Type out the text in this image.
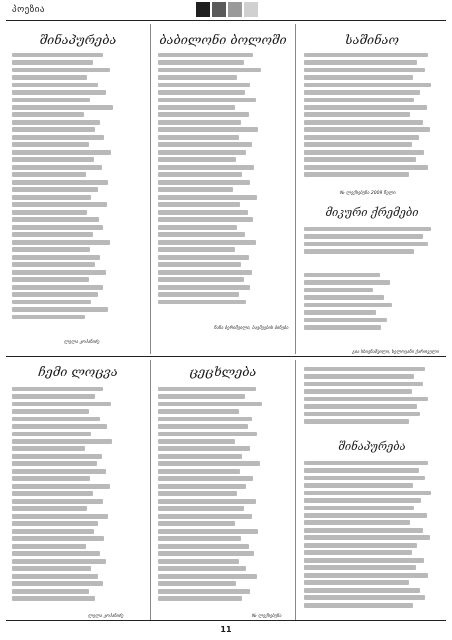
პოეზია
შინაპურება	ბაბილონი ბოლოში	საშინაო
ლელა კოპანიძე
ნანა ბერიშვილი, ბავშვების ბინება
№ ლექსებუნა 2009 წელი
მიკური ქრემები
გია სხივნაშვილი, ხელოვანი ქართველი
ჩემი ლოცვა	ცეცხლება
ლელა კოპანიძე	№ ლექსებუნა
შინაპურება
11
